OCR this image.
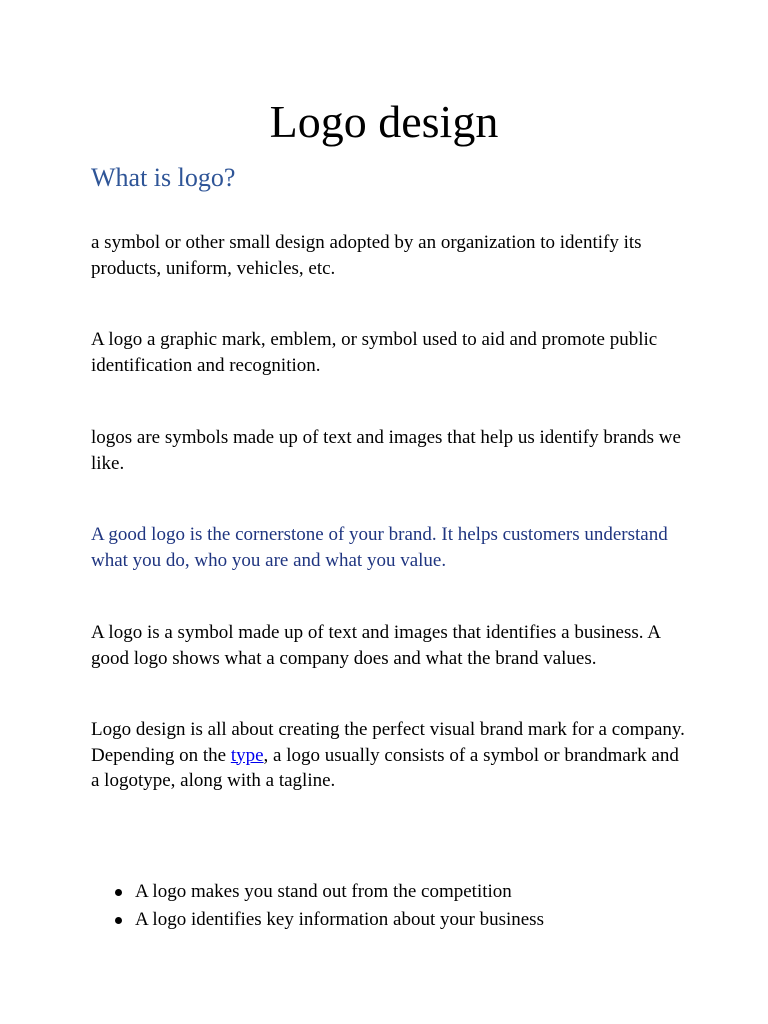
Logo design
What is logo?

a symbol or other small design adopted by an organization to identify its products, uniform, vehicles, etc.

A logo a graphic mark, emblem, or symbol used to aid and promote public identification and recognition.

logos are symbols made up of text and images that help us identify brands we like.

A good logo is the cornerstone of your brand. It helps customers understand what you do, who you are and what you value.

A logo is a symbol made up of text and images that identifies a business. A good logo shows what a company does and what the brand values.

Logo design is all about creating the perfect visual brand mark for a company. Depending on the type, a logo usually consists of a symbol or brandmark and a logotype, along with a tagline.

A logo makes you stand out from the competition
A logo identifies key information about your business
